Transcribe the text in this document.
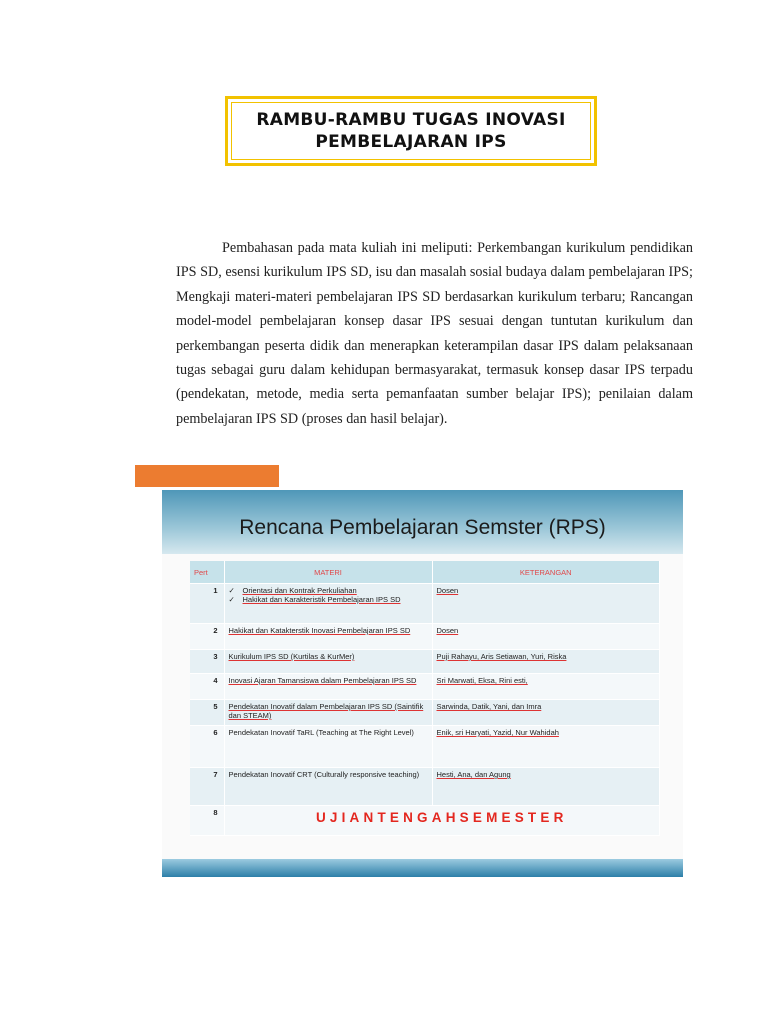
RAMBU-RAMBU TUGAS INOVASI
PEMBELAJARAN IPS

Pembahasan pada mata kuliah ini meliputi: Perkembangan kurikulum pendidikan IPS SD, esensi kurikulum IPS SD, isu dan masalah sosial budaya dalam pembelajaran IPS; Mengkaji materi-materi pembelajaran IPS SD berdasarkan kurikulum terbaru; Rancangan model-model pembelajaran konsep dasar IPS sesuai dengan tuntutan kurikulum dan perkembangan peserta didik dan menerapkan keterampilan dasar IPS dalam pelaksanaan tugas sebagai guru dalam kehidupan bermasyarakat, termasuk konsep dasar IPS terpadu (pendekatan, metode, media serta pemanfaatan sumber belajar IPS); penilaian dalam pembelajaran IPS SD (proses dan hasil belajar).

Rencana Pembelajaran Semster (RPS)
Pert	MATERI	KETERANGAN
1	✓ Orientasi dan Kontrak Perkuliahan
✓ Hakikat dan Karakteristik Pembelajaran IPS SD	Dosen
2	Hakikat dan Katakterstik Inovasi Pembelajaran IPS SD	Dosen
3	Kurikulum IPS SD (Kurtilas & KurMer)	Puji Rahayu, Aris Setiawan, Yuri, Riska
4	Inovasi Ajaran Tamansiswa dalam Pembelajaran IPS SD	Sri Marwati, Eksa, Rini esti,
5	Pendekatan Inovatif dalam Pembelajaran IPS SD (Saintifik dan STEAM)	Sarwinda, Datik, Yani, dan Imra
6	Pendekatan Inovatif TaRL (Teaching at The Right Level)	Enik, sri Haryati, Yazid, Nur Wahidah
7	Pendekatan Inovatif CRT (Culturally responsive teaching)	Hesti, Ana, dan Agung
8	UJIANTENGAHSEMESTER	
